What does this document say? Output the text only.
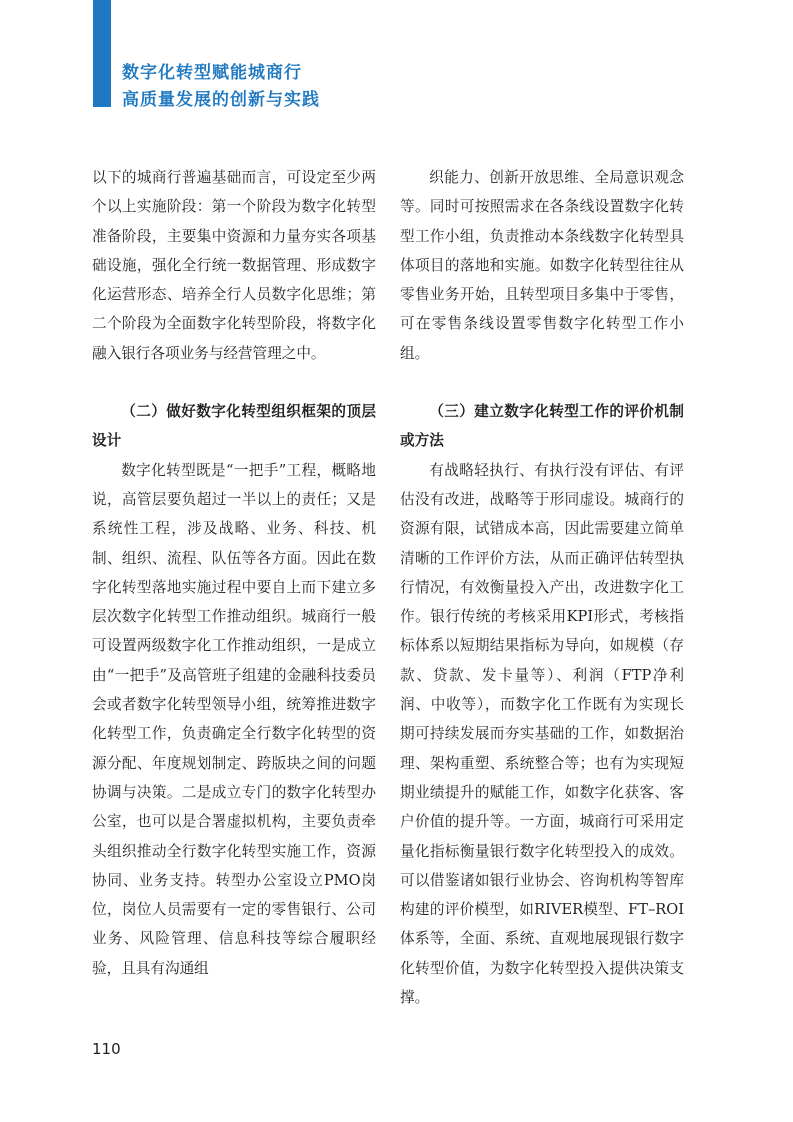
数字化转型赋能城商行
高质量发展的创新与实践

以下的城商行普遍基础而言，可设定至少两个以上实施阶段：第一个阶段为数字化转型准备阶段，主要集中资源和力量夯实各项基础设施，强化全行统一数据管理、形成数字化运营形态、培养全行人员数字化思维；第二个阶段为全面数字化转型阶段，将数字化融入银行各项业务与经营管理之中。

（二）做好数字化转型组织框架的顶层设计

数字化转型既是“一把手”工程，概略地说，高管层要负超过一半以上的责任；又是系统性工程，涉及战略、业务、科技、机制、组织、流程、队伍等各方面。因此在数字化转型落地实施过程中要自上而下建立多层次数字化转型工作推动组织。城商行一般可设置两级数字化工作推动组织，一是成立由“一把手”及高管班子组建的金融科技委员会或者数字化转型领导小组，统筹推进数字化转型工作，负责确定全行数字化转型的资源分配、年度规划制定、跨版块之间的问题协调与决策。二是成立专门的数字化转型办公室，也可以是合署虚拟机构，主要负责牵头组织推动全行数字化转型实施工作，资源协同、业务支持。转型办公室设立PMO岗位，岗位人员需要有一定的零售银行、公司业务、风险管理、信息科技等综合履职经验，且具有沟通组

织能力、创新开放思维、全局意识观念等。同时可按照需求在各条线设置数字化转型工作小组，负责推动本条线数字化转型具体项目的落地和实施。如数字化转型往往从零售业务开始，且转型项目多集中于零售，可在零售条线设置零售数字化转型工作小组。

（三）建立数字化转型工作的评价机制或方法

有战略轻执行、有执行没有评估、有评估没有改进，战略等于形同虚设。城商行的资源有限，试错成本高，因此需要建立简单清晰的工作评价方法，从而正确评估转型执行情况，有效衡量投入产出，改进数字化工作。银行传统的考核采用KPI形式，考核指标体系以短期结果指标为导向，如规模（存款、贷款、发卡量等）、利润（FTP净利润、中收等），而数字化工作既有为实现长期可持续发展而夯实基础的工作，如数据治理、架构重塑、系统整合等；也有为实现短期业绩提升的赋能工作，如数字化获客、客户价值的提升等。一方面，城商行可采用定量化指标衡量银行数字化转型投入的成效。可以借鉴诸如银行业协会、咨询机构等智库构建的评价模型，如RIVER模型、FT–ROI体系等，全面、系统、直观地展现银行数字化转型价值，为数字化转型投入提供决策支撑。

110
